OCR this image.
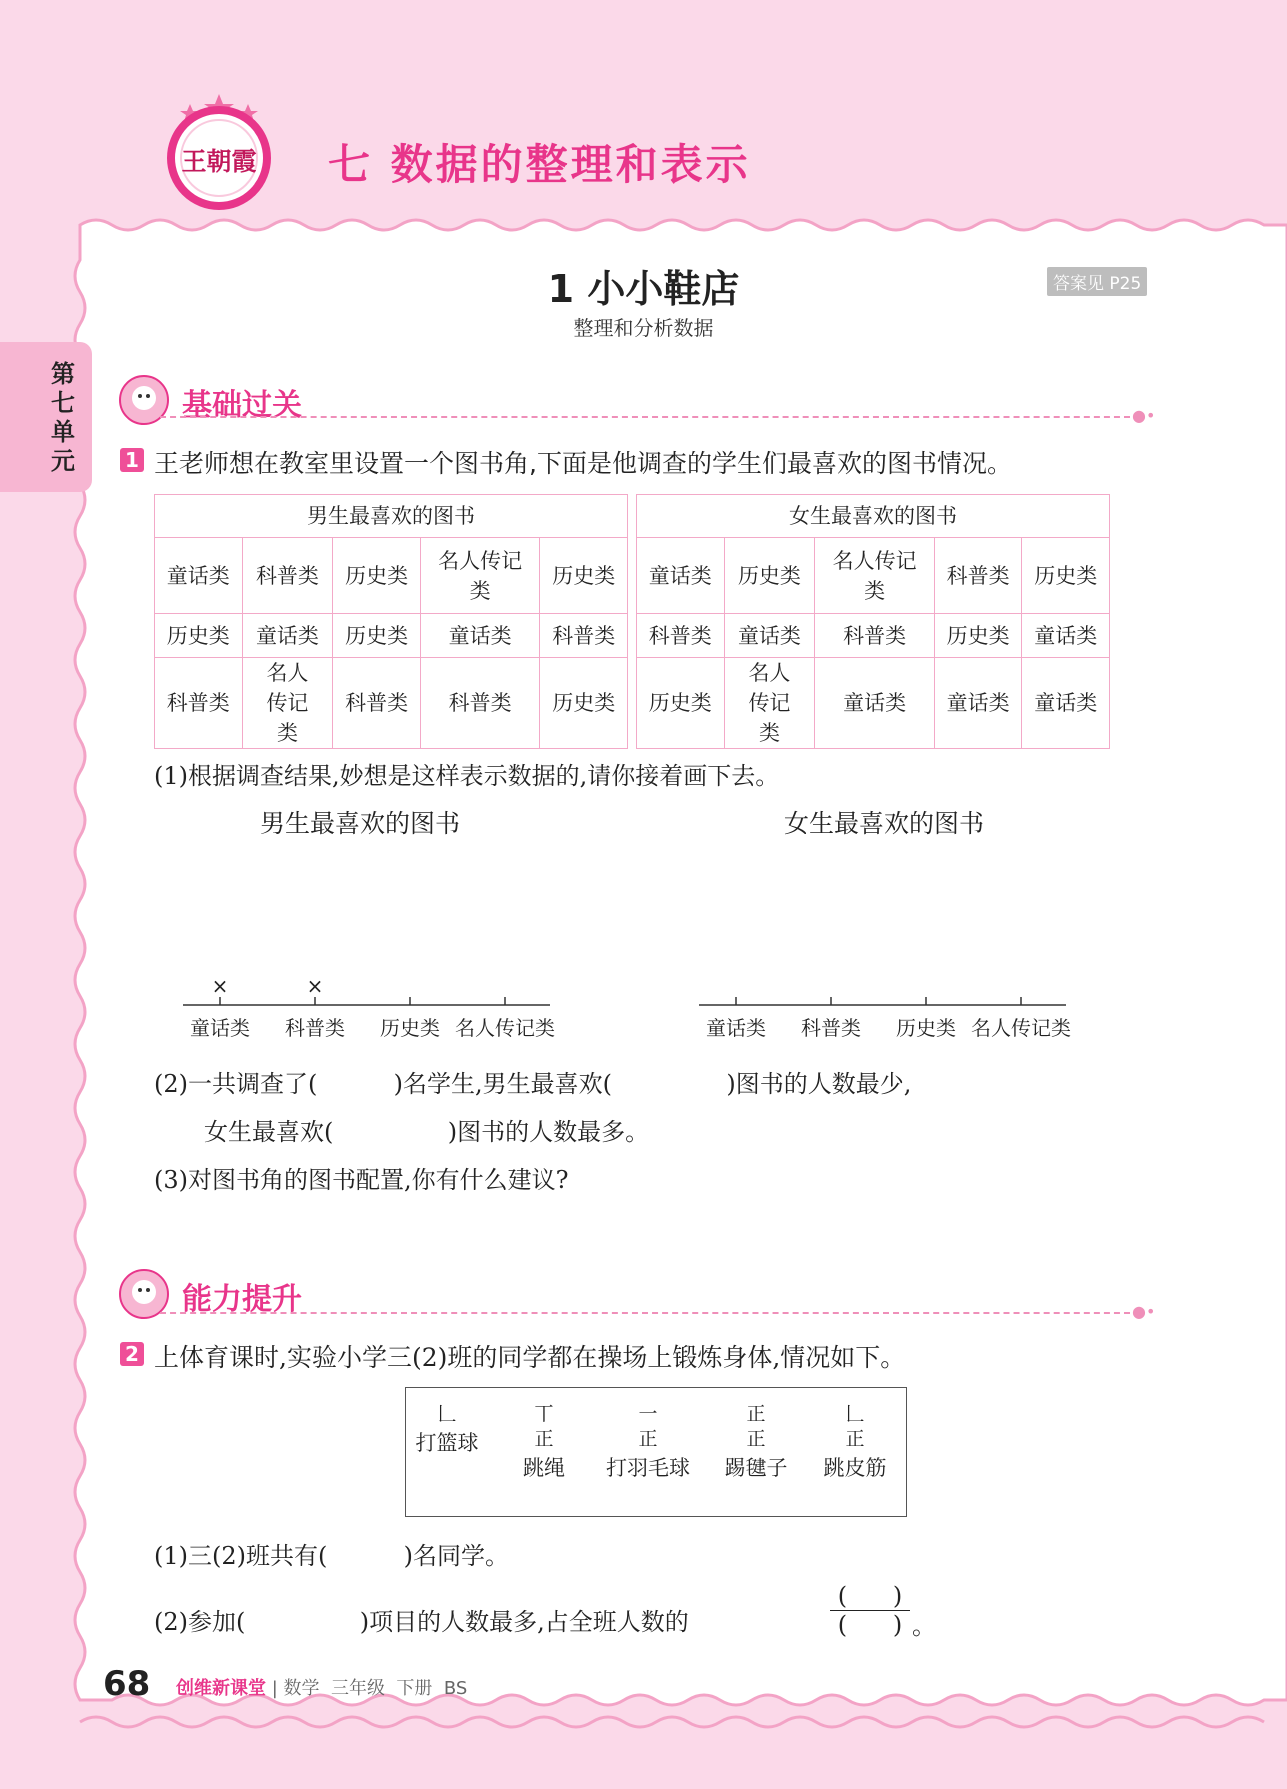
王朝霞 七 数据的整理和表示
1 小小鞋店	答案见 P25
整理和分析数据
第七单元
基础过关	●•
1 王老师想在教室里设置一个图书角,下面是他调查的学生们最喜欢的图书情况。
男生最喜欢的图书				
童话类	科普类	历史类	名人传记类	历史类
历史类	童话类	历史类	童话类	科普类
科普类	名人传记类	科普类	科普类	历史类
女生最喜欢的图书				
童话类	历史类	名人传记类	科普类	历史类
科普类	童话类	科普类	历史类	童话类
历史类	名人传记类	童话类	童话类	童话类
(1)根据调查结果,妙想是这样表示数据的,请你接着画下去。
男生最喜欢的图书	女生最喜欢的图书
童话类
×
科普类
×
历史类 名人传记类	童话类 科普类 历史类 名人传记类
(2)一共调查了(          )名学生,男生最喜欢(               )图书的人数最少,
女生最喜欢(               )图书的人数最多。
(3)对图书角的图书配置,你有什么建议?
能力提升	●•
2 上体育课时,实验小学三(2)班的同学都在操场上锻炼身体,情况如下。
𠃊
打篮球
丅
正
跳绳
一
正
打羽毛球
正
正
踢毽子
𠃊
正
跳皮筋
(1)三(2)班共有(          )名同学。
(2)参加(               )项目的人数最多,占全班人数的
(      )
(      ) 。
68 创维新课堂 | 数学  三年级  下册  BS
